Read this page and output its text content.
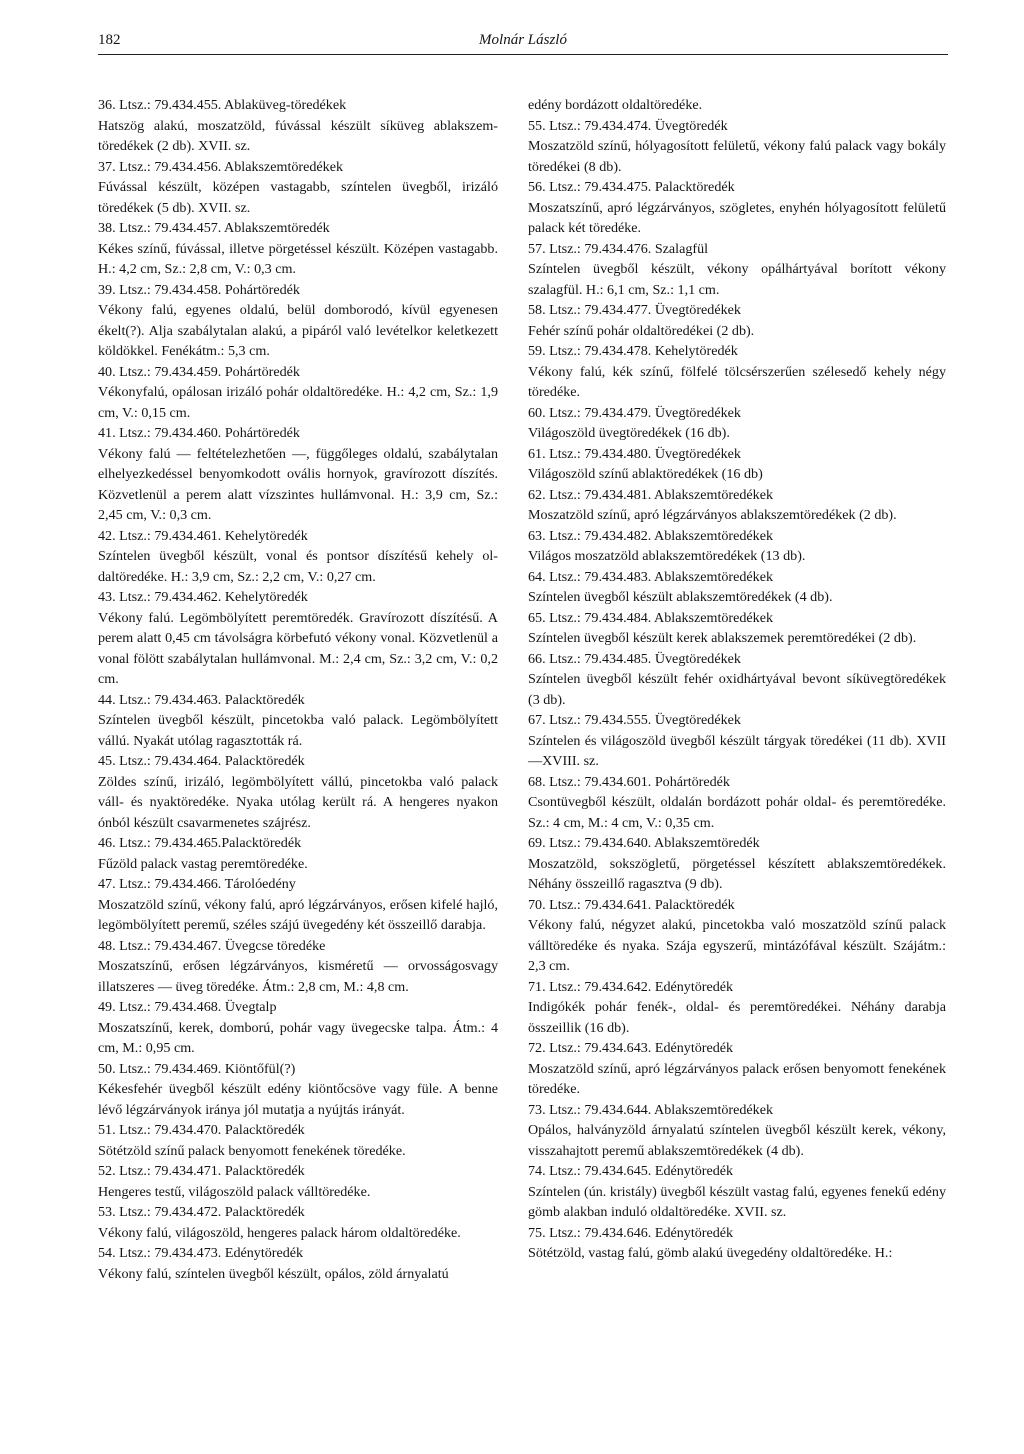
182	Molnár László

36. Ltsz.: 79.434.455. Ablaküveg-töredékek

Hatszög alakú, moszatzöld, fúvással készült síküveg ablakszemtöredékek (2 db). XVII. sz.

37. Ltsz.: 79.434.456. Ablakszemtöredékek

Fúvással készült, középen vastagabb, színtelen üvegből, irizáló töredékek (5 db). XVII. sz.

38. Ltsz.: 79.434.457. Ablakszemtöredék

Kékes színű, fúvással, illetve pörgetéssel készült. Középen vastagabb. H.: 4,2 cm, Sz.: 2,8 cm, V.: 0,3 cm.

39. Ltsz.: 79.434.458. Pohártöredék

Vékony falú, egyenes oldalú, belül domborodó, kívül egyenesen ékelt(?). Alja szabálytalan alakú, a pipáról való levételkor keletkezett köldökkel. Fenékátm.: 5,3 cm.

40. Ltsz.: 79.434.459. Pohártöredék

Vékonyfalú, opálosan irizáló pohár oldaltöredéke. H.: 4,2 cm, Sz.: 1,9 cm, V.: 0,15 cm.

41. Ltsz.: 79.434.460. Pohártöredék

Vékony falú — feltételezhetően —, függőleges oldalú, szabálytalan elhelyezkedéssel benyomkodott ovális hornyok, gravírozott díszítés. Közvetlenül a perem alatt vízszintes hullámvonal. H.: 3,9 cm, Sz.: 2,45 cm, V.: 0,3 cm.

42. Ltsz.: 79.434.461. Kehelytöredék

Színtelen üvegből készült, vonal és pontsor díszítésű kehely oldaltöredéke. H.: 3,9 cm, Sz.: 2,2 cm, V.: 0,27 cm.

43. Ltsz.: 79.434.462. Kehelytöredék

Vékony falú. Legömbölyített peremtöredék. Gravírozott díszítésű. A perem alatt 0,45 cm távolságra körbefutó vékony vonal. Közvetlenül a vonal fölött szabálytalan hullámvonal. M.: 2,4 cm, Sz.: 3,2 cm, V.: 0,2 cm.

44. Ltsz.: 79.434.463. Palacktöredék

Színtelen üvegből készült, pincetokba való palack. Legömbölyített vállú. Nyakát utólag ragasztották rá.

45. Ltsz.: 79.434.464. Palacktöredék

Zöldes színű, irizáló, legömbölyített vállú, pincetokba való palack váll- és nyaktöredéke. Nyaka utólag került rá. A hengeres nyakon ónból készült csavarmenetes szájrész.

46. Ltsz.: 79.434.465.Palacktöredék

Fűzöld palack vastag peremtöredéke.

47. Ltsz.: 79.434.466. Tárolóedény

Moszatzöld színű, vékony falú, apró légzárványos, erősen kifelé hajló, legömbölyített peremű, széles szájú üvegedény két összeillő darabja.

48. Ltsz.: 79.434.467. Üvegcse töredéke

Moszatszínű, erősen légzárványos, kisméretű — orvosságosvagy illatszeres — üveg töredéke. Átm.: 2,8 cm, M.: 4,8 cm.

49. Ltsz.: 79.434.468. Üvegtalp

Moszatszínű, kerek, domború, pohár vagy üvegecske talpa. Átm.: 4 cm, M.: 0,95 cm.

50. Ltsz.: 79.434.469. Kiöntőfül(?)

Kékesfehér üvegből készült edény kiöntőcsöve vagy füle. A benne lévő légzárványok iránya jól mutatja a nyújtás irányát.

51. Ltsz.: 79.434.470. Palacktöredék

Sötétzöld színű palack benyomott fenekének töredéke.

52. Ltsz.: 79.434.471. Palacktöredék

Hengeres testű, világoszöld palack válltöredéke.

53. Ltsz.: 79.434.472. Palacktöredék

Vékony falú, világoszöld, hengeres palack három oldaltöredéke.

54. Ltsz.: 79.434.473. Edénytöredék

Vékony falú, színtelen üvegből készült, opálos, zöld árnyalatú

edény bordázott oldaltöredéke.

55. Ltsz.: 79.434.474. Üvegtöredék

Moszatzöld színű, hólyagosított felületű, vékony falú palack vagy bokály töredékei (8 db).

56. Ltsz.: 79.434.475. Palacktöredék

Moszatszínű, apró légzárványos, szögletes, enyhén hólyagosított felületű palack két töredéke.

57. Ltsz.: 79.434.476. Szalagfül

Színtelen üvegből készült, vékony opálhártyával borított vékony szalagfül. H.: 6,1 cm, Sz.: 1,1 cm.

58. Ltsz.: 79.434.477. Üvegtöredékek

Fehér színű pohár oldaltöredékei (2 db).

59. Ltsz.: 79.434.478. Kehelytöredék

Vékony falú, kék színű, fölfelé tölcsérszerűen szélesedő kehely négy töredéke.

60. Ltsz.: 79.434.479. Üvegtöredékek

Világoszöld üvegtöredékek (16 db).

61. Ltsz.: 79.434.480. Üvegtöredékek

Világoszöld színű ablaktöredékek (16 db)

62. Ltsz.: 79.434.481. Ablakszemtöredékek

Moszatzöld színű, apró légzárványos ablakszemtöredékek (2 db).

63. Ltsz.: 79.434.482. Ablakszemtöredékek

Világos moszatzöld ablakszemtöredékek (13 db).

64. Ltsz.: 79.434.483. Ablakszemtöredékek

Színtelen üvegből készült ablakszemtöredékek (4 db).

65. Ltsz.: 79.434.484. Ablakszemtöredékek

Színtelen üvegből készült kerek ablakszemek peremtöredékei (2 db).

66. Ltsz.: 79.434.485. Üvegtöredékek

Színtelen üvegből készült fehér oxidhártyával bevont síküvegtöredékek (3 db).

67. Ltsz.: 79.434.555. Üvegtöredékek

Színtelen és világoszöld üvegből készült tárgyak töredékei (11 db). XVII—XVIII. sz.

68. Ltsz.: 79.434.601. Pohártöredék

Csontüvegből készült, oldalán bordázott pohár oldal- és peremtöredéke. Sz.: 4 cm, M.: 4 cm, V.: 0,35 cm.

69. Ltsz.: 79.434.640. Ablakszemtöredék

Moszatzöld, sokszögletű, pörgetéssel készített ablakszemtöredékek. Néhány összeillő ragasztva (9 db).

70. Ltsz.: 79.434.641. Palacktöredék

Vékony falú, négyzet alakú, pincetokba való moszatzöld színű palack válltöredéke és nyaka. Szája egyszerű, mintázófával készült. Szájátm.: 2,3 cm.

71. Ltsz.: 79.434.642. Edénytöredék

Indigókék pohár fenék-, oldal- és peremtöredékei. Néhány darabja összeillik (16 db).

72. Ltsz.: 79.434.643. Edénytöredék

Moszatzöld színű, apró légzárványos palack erősen benyomott fenekének töredéke.

73. Ltsz.: 79.434.644. Ablakszemtöredékek

Opálos, halványzöld árnyalatú színtelen üvegből készült kerek, vékony, visszahajtott peremű ablakszemtöredékek (4 db).

74. Ltsz.: 79.434.645. Edénytöredék

Színtelen (ún. kristály) üvegből készült vastag falú, egyenes fenekű edény gömb alakban induló oldaltöredéke. XVII. sz.

75. Ltsz.: 79.434.646. Edénytöredék

Sötétzöld, vastag falú, gömb alakú üvegedény oldaltöredéke. H.:
